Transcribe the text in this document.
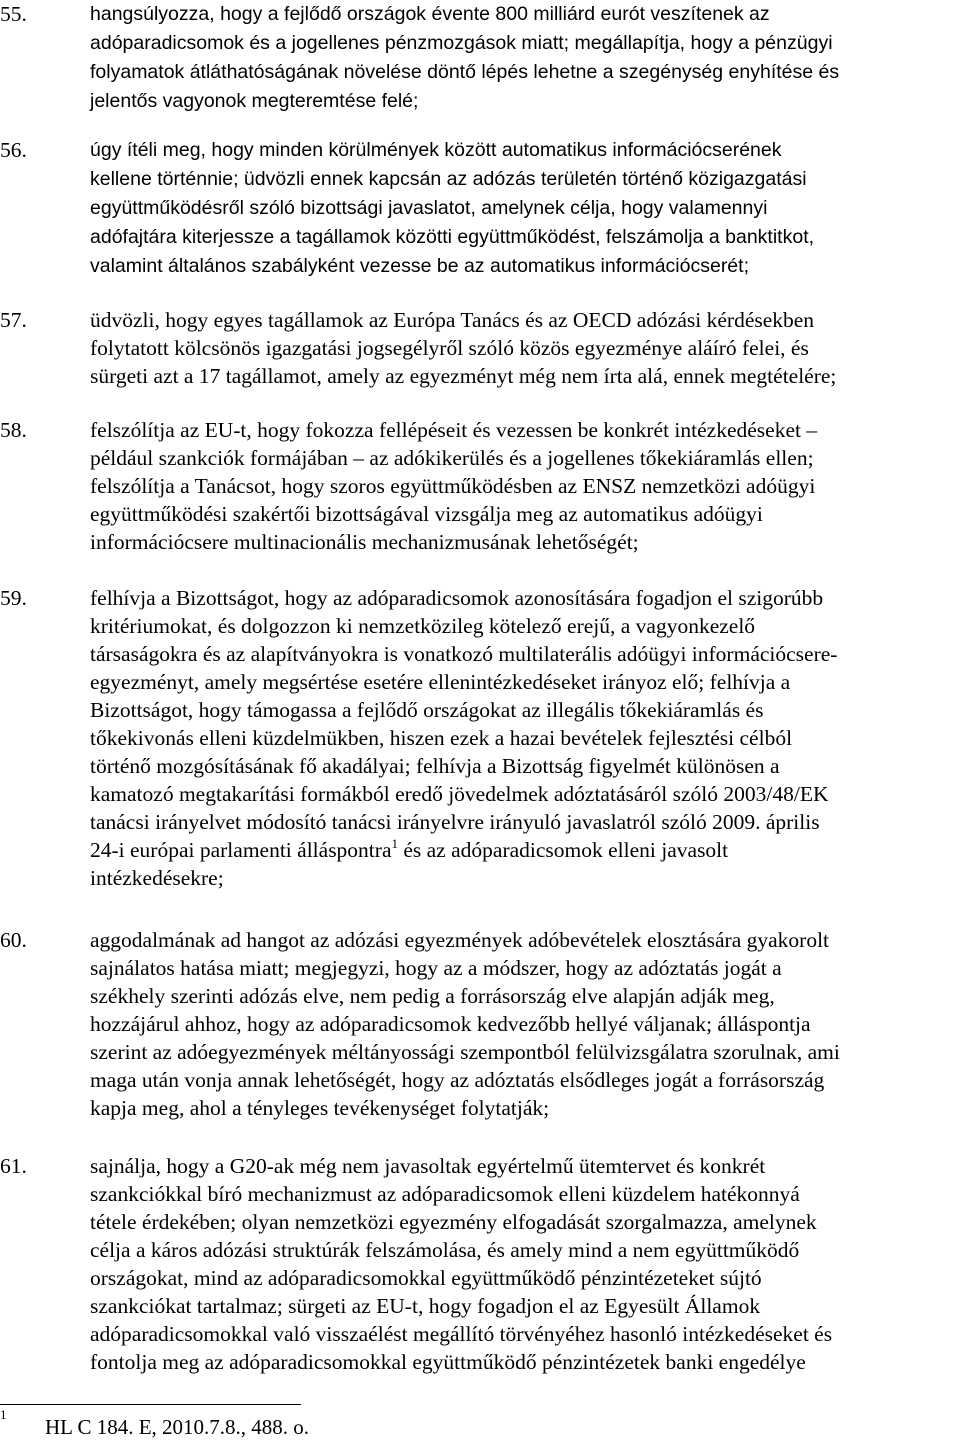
55.	hangsúlyozza, hogy a fejlődő országok évente 800 milliárd eurót veszítenek az
adóparadicsomok és a jogellenes pénzmozgások miatt; megállapítja, hogy a pénzügyi
folyamatok átláthatóságának növelése döntő lépés lehetne a szegénység enyhítése és
jelentős vagyonok megteremtése felé;
56.	úgy ítéli meg, hogy minden körülmények között automatikus információcserének
kellene történnie; üdvözli ennek kapcsán az adózás területén történő közigazgatási
együttműködésről szóló bizottsági javaslatot, amelynek célja, hogy valamennyi
adófajtára kiterjessze a tagállamok közötti együttműködést, felszámolja a banktitkot,
valamint általános szabályként vezesse be az automatikus információcserét;
57.	üdvözli, hogy egyes tagállamok az Európa Tanács és az OECD adózási kérdésekben
folytatott kölcsönös igazgatási jogsegélyről szóló közös egyezménye aláíró felei, és
sürgeti azt a 17 tagállamot, amely az egyezményt még nem írta alá, ennek megtételére;
58.	felszólítja az EU-t, hogy fokozza fellépéseit és vezessen be konkrét intézkedéseket –
például szankciók formájában – az adókikerülés és a jogellenes tőkekiáramlás ellen;
felszólítja a Tanácsot, hogy szoros együttműködésben az ENSZ nemzetközi adóügyi
együttműködési szakértői bizottságával vizsgálja meg az automatikus adóügyi
információcsere multinacionális mechanizmusának lehetőségét;
59.	felhívja a Bizottságot, hogy az adóparadicsomok azonosítására fogadjon el szigorúbb
kritériumokat, és dolgozzon ki nemzetközileg kötelező erejű, a vagyonkezelő
társaságokra és az alapítványokra is vonatkozó multilaterális adóügyi információcsere-
egyezményt, amely megsértése esetére ellenintézkedéseket irányoz elő; felhívja a
Bizottságot, hogy támogassa a fejlődő országokat az illegális tőkekiáramlás és
tőkekivonás elleni küzdelmükben, hiszen ezek a hazai bevételek fejlesztési célból
történő mozgósításának fő akadályai; felhívja a Bizottság figyelmét különösen a
kamatozó megtakarítási formákból eredő jövedelmek adóztatásáról szóló 2003/48/EK
tanácsi irányelvet módosító tanácsi irányelvre irányuló javaslatról szóló 2009. április
24-i európai parlamenti álláspontra$^1$ és az adóparadicsomok elleni javasolt
intézkedésekre;
60.	aggodalmának ad hangot az adózási egyezmények adóbevételek elosztására gyakorolt
sajnálatos hatása miatt; megjegyzi, hogy az a módszer, hogy az adóztatás jogát a
székhely szerinti adózás elve, nem pedig a forrásország elve alapján adják meg,
hozzájárul ahhoz, hogy az adóparadicsomok kedvezőbb hellyé váljanak; álláspontja
szerint az adóegyezmények méltányossági szempontból felülvizsgálatra szorulnak, ami
maga után vonja annak lehetőségét, hogy az adóztatás elsődleges jogát a forrásország
kapja meg, ahol a tényleges tevékenységet folytatják;
61.	sajnálja, hogy a G20-ak még nem javasoltak egyértelmű ütemtervet és konkrét
szankciókkal bíró mechanizmust az adóparadicsomok elleni küzdelem hatékonnyá
tétele érdekében; olyan nemzetközi egyezmény elfogadását szorgalmazza, amelynek
célja a káros adózási struktúrák felszámolása, és amely mind a nem együttműködő
országokat, mind az adóparadicsomokkal együttműködő pénzintézeteket sújtó
szankciókat tartalmaz; sürgeti az EU-t, hogy fogadjon el az Egyesült Államok
adóparadicsomokkal való visszaélést megállító törvényéhez hasonló intézkedéseket és
fontolja meg az adóparadicsomokkal együttműködő pénzintézetek banki engedélye
1
HL C 184. E, 2010.7.8., 488. o.
